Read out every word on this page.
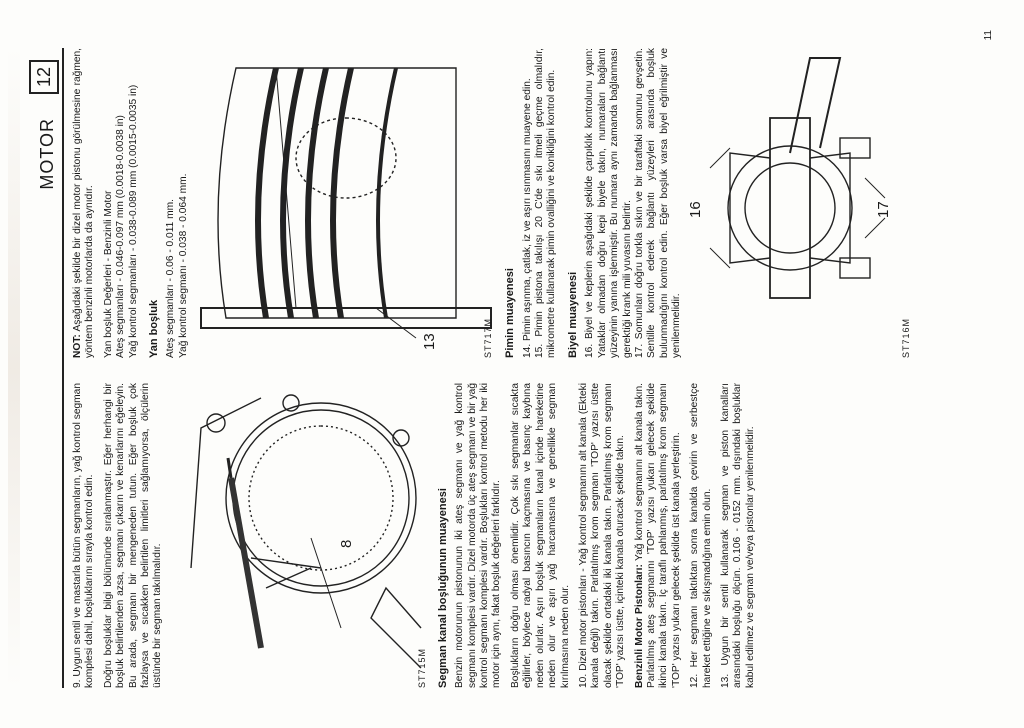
MOTOR
12

9. Uygun sentil ve mastarla bütün segmanların, yağ kontrol segman komplesi dahil, boşluklarını sırayla kontrol edin. Doğru boşluklar bilgi bölümünde sıralanmaştır. Eğer herhangi bir boşluk belirtilenden azsa, segmanı çıkarın ve kenarlarını eğeleyin. Bu arada, segmanı bir mengeneden tutun. Eğer boşluk çok fazlaysa ve sıcakken belirtilen limitleri sağlamıyorsa, ölçülerin üstünde bir segman takılmalıdır.	8
ST715M Segman kanal boşluğunun muayenesi Benzin motorunun pistonunun iki ateş segmanı ve yağ kontrol segmanı komplesi vardır. Dizel motorda üç ateş segmanı ve bir yağ kontrol segmanı komplesi vardır. Boşlukları kontrol metodu her iki motor için aynı, fakat boşluk değerleri farklıdır. Boşlukların doğru olması önemlidir. Çok sıkı segmanlar sıcakta eğilirler, böylece radyal basıncın kaçmasına ve basınç kaybına neden olurlar. Aşırı boşluk segmanların kanal içinde hareketine neden olur ve aşırı yağ harcamasına ve genellikle segman kırılmasına neden olur. 10. Dizel motor pistonları - Yağ kontrol segmanını alt kanala (Ekteki kanala değil) takın. Parlatılmış krom segmanı 'TOP' yazısı üstte olacak şekilde ortadaki iki kanala takın. Parlatılmış krom segmanı 'TOP' yazısı üstte, içinteki kanala oturacak şekilde takın. Benzinli Motor Pistonları: Yağ kontrol segmanını alt kanala takın. Parlatılmış ateş segmanını 'TOP' yazısı yukarı gelecek şekilde ikinci kanala takın. İç taraflı pahlanmış, parlatılmış krom segmanı 'TOP' yazısı yukarı gelecek şekilde üst kanala yerleştirin. 12. Her segmanı taktıktan sonra kanalda çevirin ve serbestçe hareket ettiğine ve sıkışmadığına emin olun. 13. Uygun bir sentil kullanarak segman ve piston kanalları arasındaki boşluğu ölçün. 0.106 - 0152 mm. dışındaki boşluklar kabul edilmez ve segman ve/veya pistonlar yenilenmelidir.

NOT: Aşağıdaki şekilde bir dizel motor pistonu görülmesine rağmen, yöntem benzinli motorlarda da aynıdır. Yan boşluk Değerleri - Benzinli Motor Ateş segmanları - 0.046-0.097 mm (0.0018-0.0038 in) Yağ kontrol segmanları - 0.038-0.089 mm (0.0015-0.0035 in) Yan boşluk Ateş segmanları - 0.06 - 0.011 mm. Yağ kontrol segmanı - 0.038 - 0.064 mm.	13	ST717M Pimin muayenesi 14. Pimin aşınma, çatlak, iz ve aşırı ısınmasını muayene edin. 15. Pimin pistona takılışı 20 C'de sıkı itmeli geçme olmalıdır, mikrometre kullanarak pimin ovalliğini ve konikliğini kontrol edin. Biyel muayenesi 16. Biyel ve keplerin aşağıdaki şekilde çarpıklık kontrolunu yapın: Yataklar olmadan doğru kepi biyele takın, numaraları bağlantı yüzeyinin yanına işlenmiştir. Bu numara aynı zamanda bağlanması gerektiği krank mili yuvasını belirtir. 17. Somunları doğru torkla sıkın ve bir taraftaki somunu gevşetin. Sentille kontrol ederek bağlantı yüzeyleri arasında boşluk bulunmadığını kontrol edin. Eğer boşluk varsa biyel eğrilmiştir ve yenilenmelidir.

16	17
ST716M
11
